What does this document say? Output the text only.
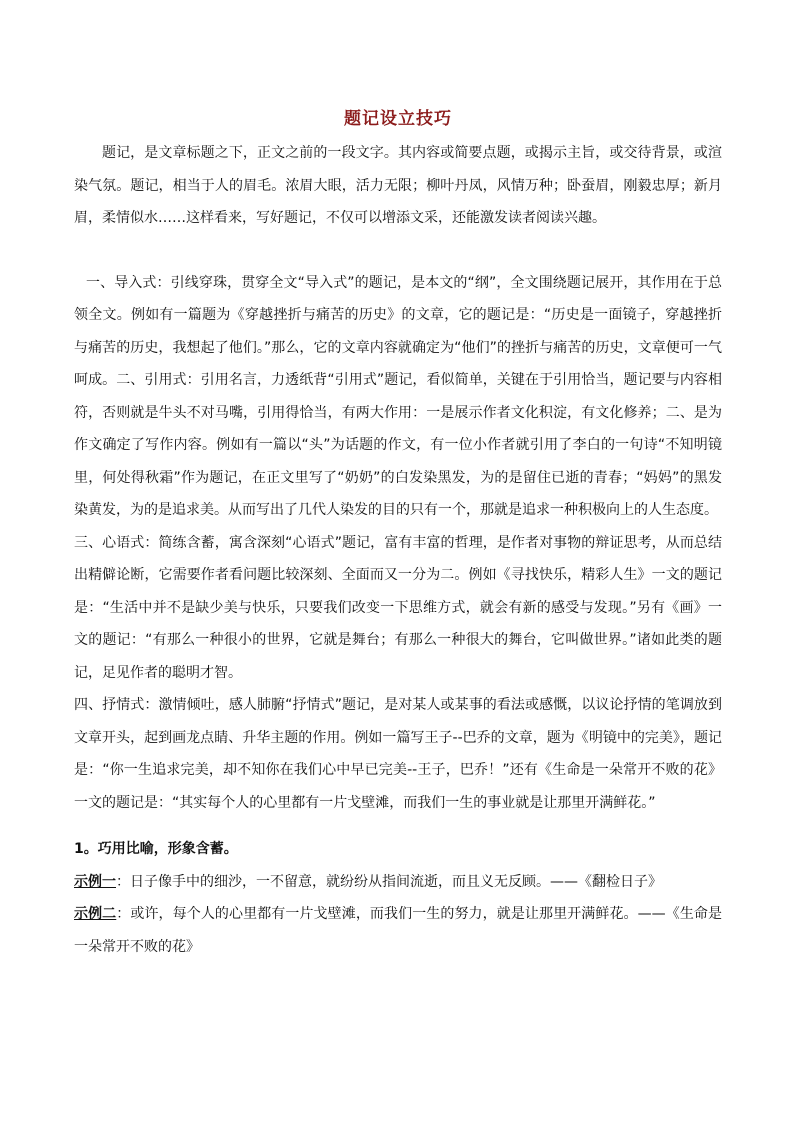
题记设立技巧

题记，是文章标题之下，正文之前的一段文字。其内容或简要点题，或揭示主旨，或交待背景，或渲染气氛。题记，相当于人的眉毛。浓眉大眼，活力无限；柳叶丹凤，风情万种；卧蚕眉，刚毅忠厚；新月眉，柔情似水……这样看来，写好题记，不仅可以增添文采，还能激发读者阅读兴趣。

一、导入式：引线穿珠，贯穿全文“导入式”的题记，是本文的“纲”，全文围绕题记展开，其作用在于总领全文。例如有一篇题为《穿越挫折与痛苦的历史》的文章，它的题记是：“历史是一面镜子，穿越挫折与痛苦的历史，我想起了他们。”那么，它的文章内容就确定为“他们”的挫折与痛苦的历史，文章便可一气呵成。二、引用式：引用名言，力透纸背“引用式”题记，看似简单，关键在于引用恰当，题记要与内容相符，否则就是牛头不对马嘴，引用得恰当，有两大作用：一是展示作者文化积淀，有文化修养；二、是为作文确定了写作内容。例如有一篇以“头”为话题的作文，有一位小作者就引用了李白的一句诗“不知明镜里，何处得秋霜”作为题记，在正文里写了“奶奶”的白发染黑发，为的是留住已逝的青春；“妈妈”的黑发染黄发，为的是追求美。从而写出了几代人染发的目的只有一个，那就是追求一种积极向上的人生态度。

三、心语式：简练含蓄，寓含深刻“心语式”题记，富有丰富的哲理，是作者对事物的辩证思考，从而总结出精僻论断，它需要作者看问题比较深刻、全面而又一分为二。例如《寻找快乐，精彩人生》一文的题记是：“生活中并不是缺少美与快乐，只要我们改变一下思维方式，就会有新的感受与发现。”另有《画》一文的题记：“有那么一种很小的世界，它就是舞台；有那么一种很大的舞台，它叫做世界。”诸如此类的题记，足见作者的聪明才智。

四、抒情式：激情倾吐，感人肺腑“抒情式”题记，是对某人或某事的看法或感慨，以议论抒情的笔调放到文章开头，起到画龙点睛、升华主题的作用。例如一篇写王子--巴乔的文章，题为《明镜中的完美》，题记是：“你一生追求完美，却不知你在我们心中早已完美--王子，巴乔！”还有《生命是一朵常开不败的花》一文的题记是：“其实每个人的心里都有一片戈壁滩，而我们一生的事业就是让那里开满鲜花。”

1。巧用比喻，形象含蓄。

示例一：日子像手中的细沙，一不留意，就纷纷从指间流逝，而且义无反顾。——《翻检日子》

示例二：或许，每个人的心里都有一片戈壁滩，而我们一生的努力，就是让那里开满鲜花。——《生命是一朵常开不败的花》
